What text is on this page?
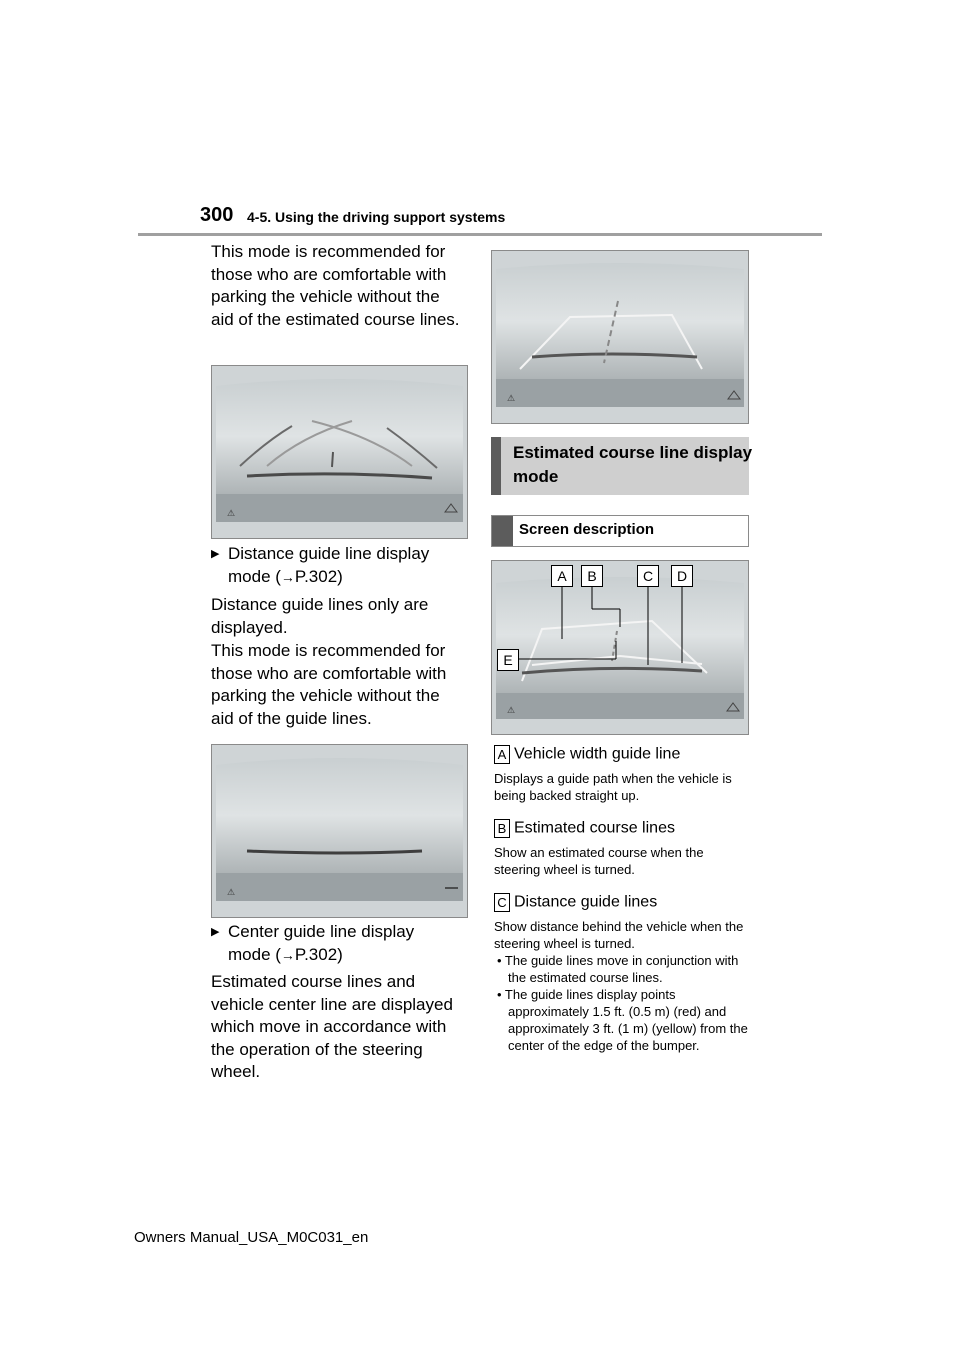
300 4-5. Using the driving support systems
This mode is recommended for those who are comfortable with parking the vehicle without the aid of the estimated course lines.
⚠
▶ Distance guide line display mode (→P.302)
Distance guide lines only are displayed.
This mode is recommended for those who are comfortable with parking the vehicle without the aid of the guide lines.
⚠
▶ Center guide line display mode (→P.302)
Estimated course lines and vehicle center line are displayed which move in accordance with the operation of the steering wheel.
⚠
Estimated course line display mode
Screen description
⚠
A	B	C	D
E
A Vehicle width guide line
Displays a guide path when the vehicle is being backed straight up.
B Estimated course lines
Show an estimated course when the steering wheel is turned.
C Distance guide lines
Show distance behind the vehicle when the steering wheel is turned.
• The guide lines move in conjunction with the estimated course lines.
• The guide lines display points approximately 1.5 ft. (0.5 m) (red) and approximately 3 ft. (1 m) (yellow) from the center of the edge of the bumper.
Owners Manual_USA_M0C031_en
